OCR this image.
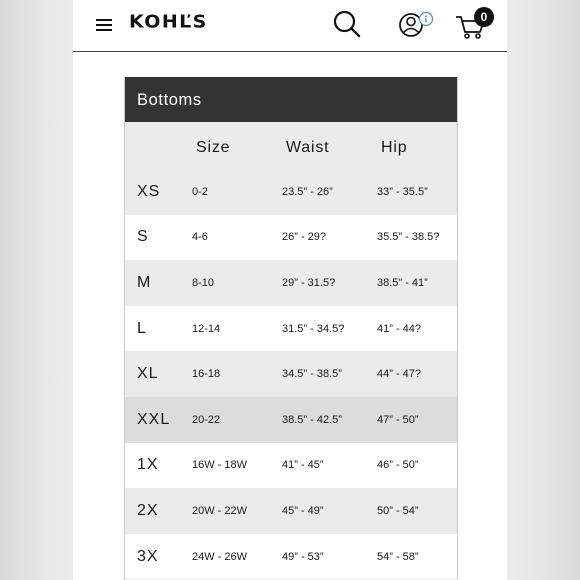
KOHĽS	0
Bottoms
Size	Waist	Hip
XS	0-2	23.5” - 26”	33” - 35.5”
S	4-6	26” - 29?	35.5” - 38.5?
M	8-10	29” - 31.5?	38.5” - 41”
L	12-14	31.5” - 34.5?	41” - 44?
XL	16-18	34.5” - 38.5”	44” - 47?
XXL 20-22	38.5” - 42.5”	47” - 50”
1X	16W - 18W	41” - 45”	46” - 50”
2X	20W - 22W	45” - 49”	50” - 54”
3X	24W - 26W	49” - 53”	54” - 58”
